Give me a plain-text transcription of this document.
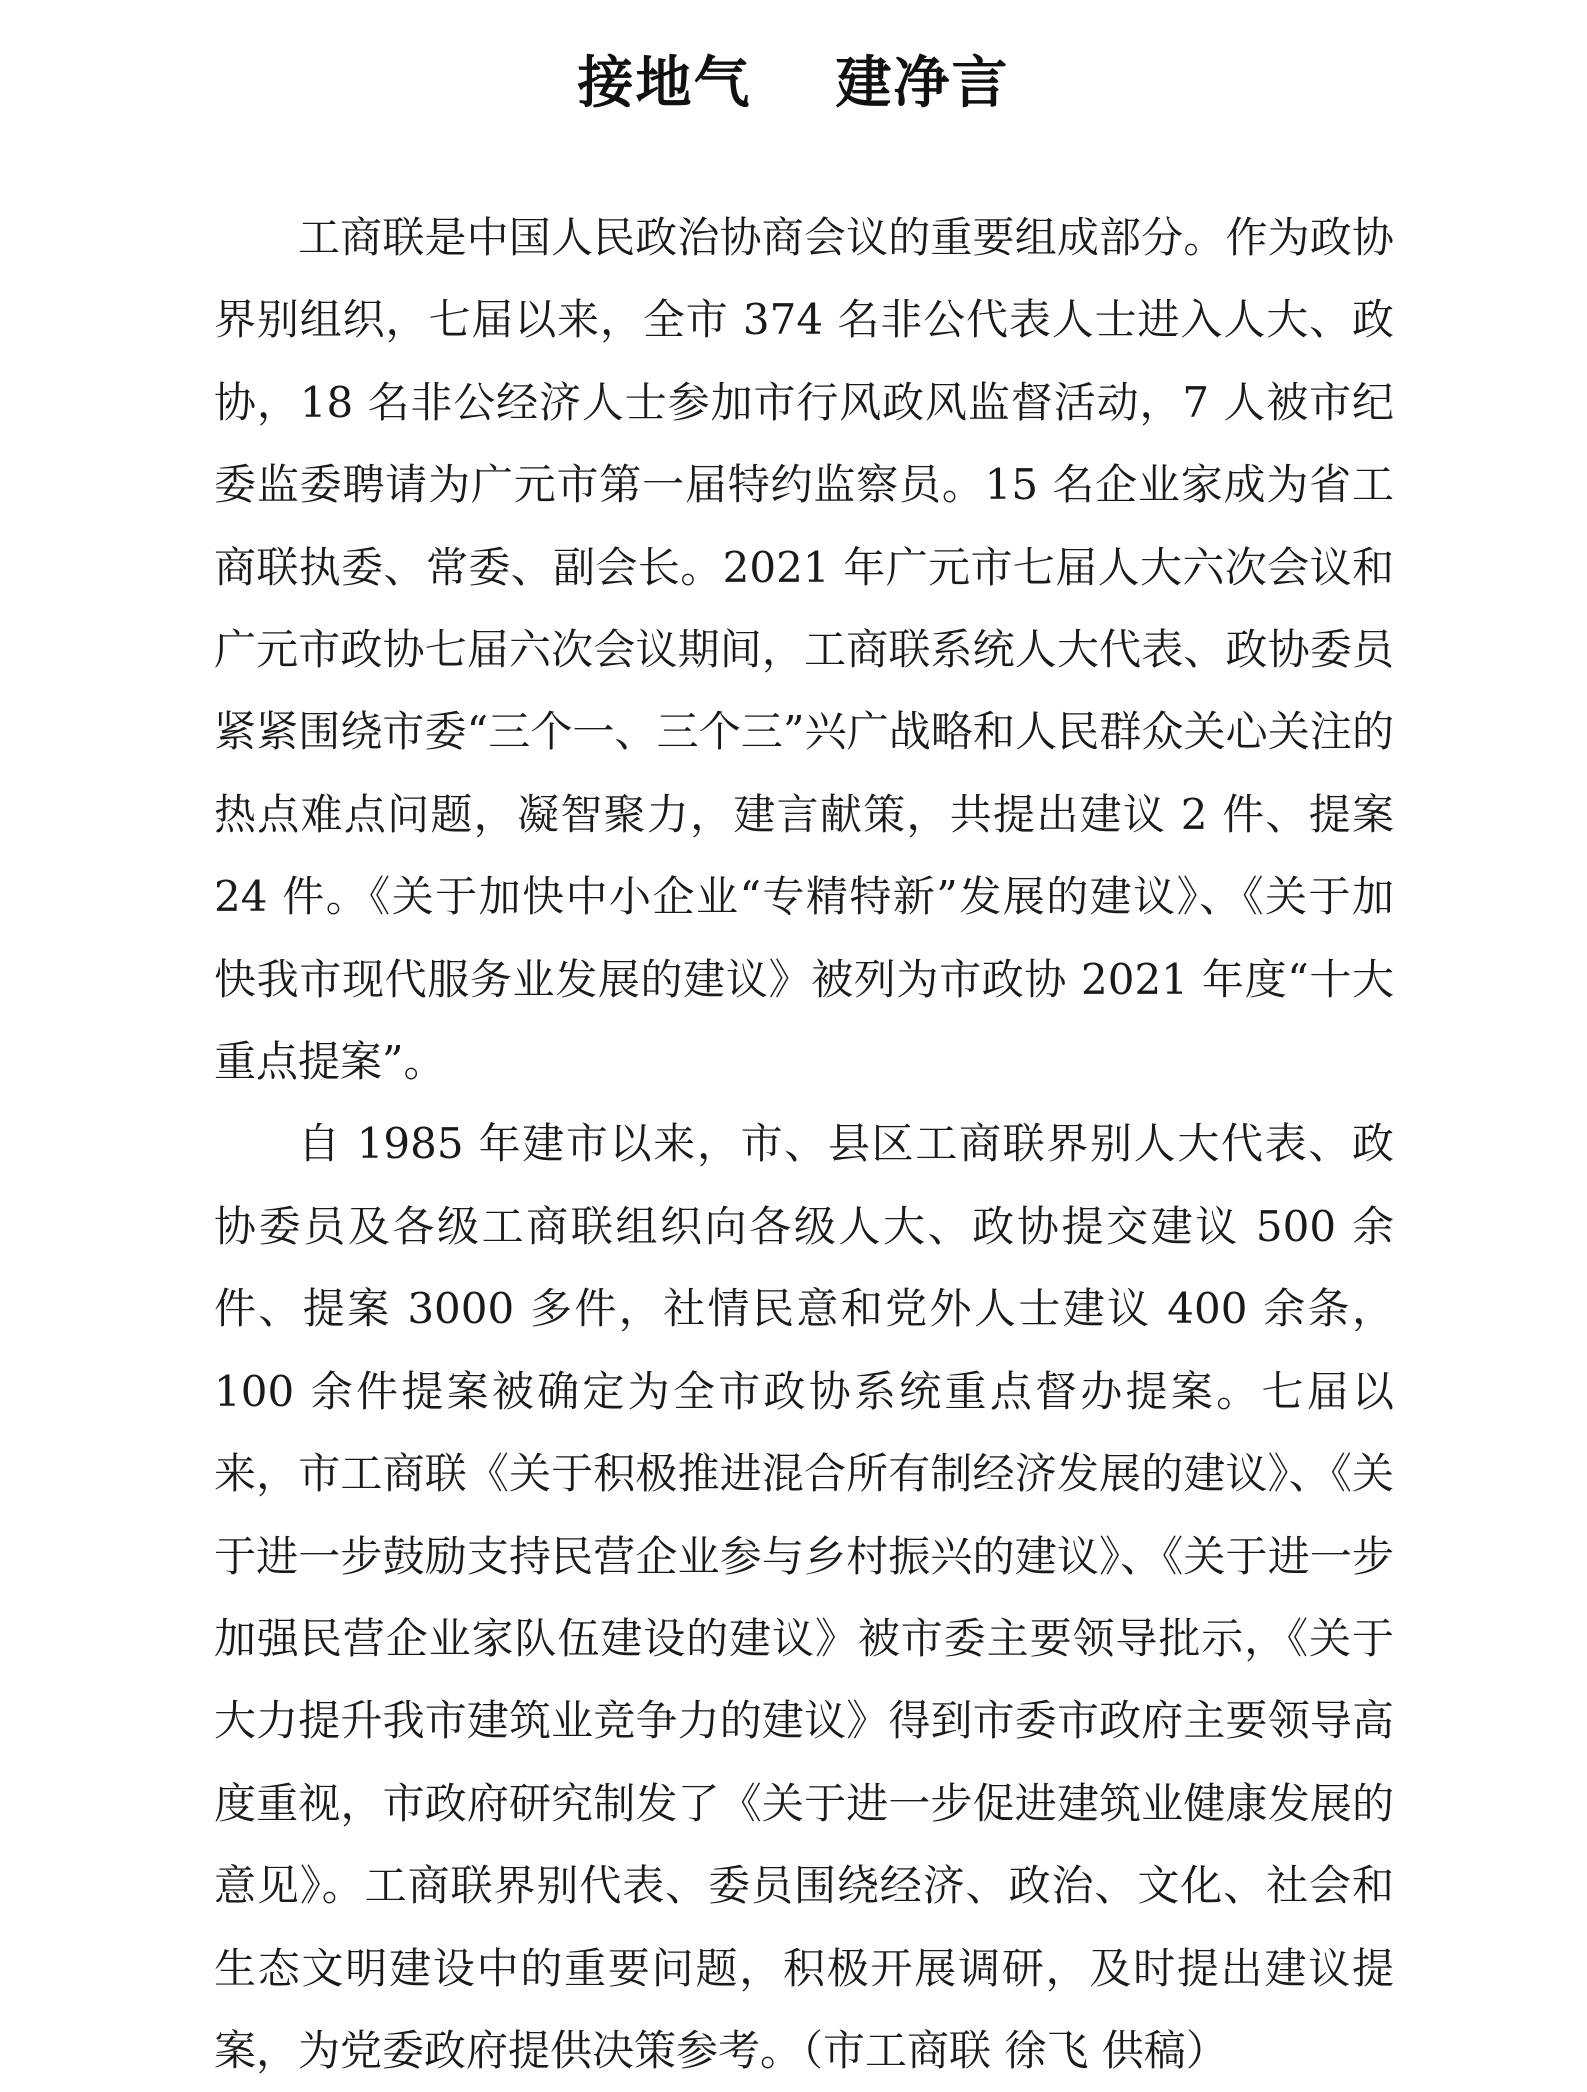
接地气 建净言

工商联是中国人民政治协商会议的重要组成部分。作为政协界别组织，七届以来，全市 374 名非公代表人士进入人大、政协，18 名非公经济人士参加市行风政风监督活动，7 人被市纪委监委聘请为广元市第一届特约监察员。15 名企业家成为省工商联执委、常委、副会长。2021 年广元市七届人大六次会议和广元市政协七届六次会议期间，工商联系统人大代表、政协委员紧紧围绕市委“三个一、三个三”兴广战略和人民群众关心关注的热点难点问题，凝智聚力，建言献策，共提出建议 2 件、提案 24 件。《关于加快中小企业“专精特新”发展的建议》、《关于加快我市现代服务业发展的建议》被列为市政协 2021 年度“十大重点提案”。

自 1985 年建市以来，市、县区工商联界别人大代表、政协委员及各级工商联组织向各级人大、政协提交建议 500 余件、提案 3000 多件，社情民意和党外人士建议 400 余条，100 余件提案被确定为全市政协系统重点督办提案。七届以来，市工商联《关于积极推进混合所有制经济发展的建议》、《关于进一步鼓励支持民营企业参与乡村振兴的建议》、《关于进一步加强民营企业家队伍建设的建议》被市委主要领导批示，《关于大力提升我市建筑业竞争力的建议》得到市委市政府主要领导高度重视，市政府研究制发了《关于进一步促进建筑业健康发展的意见》。工商联界别代表、委员围绕经济、政治、文化、社会和生态文明建设中的重要问题，积极开展调研，及时提出建议提案，为党委政府提供决策参考。（市工商联 徐飞 供稿）
